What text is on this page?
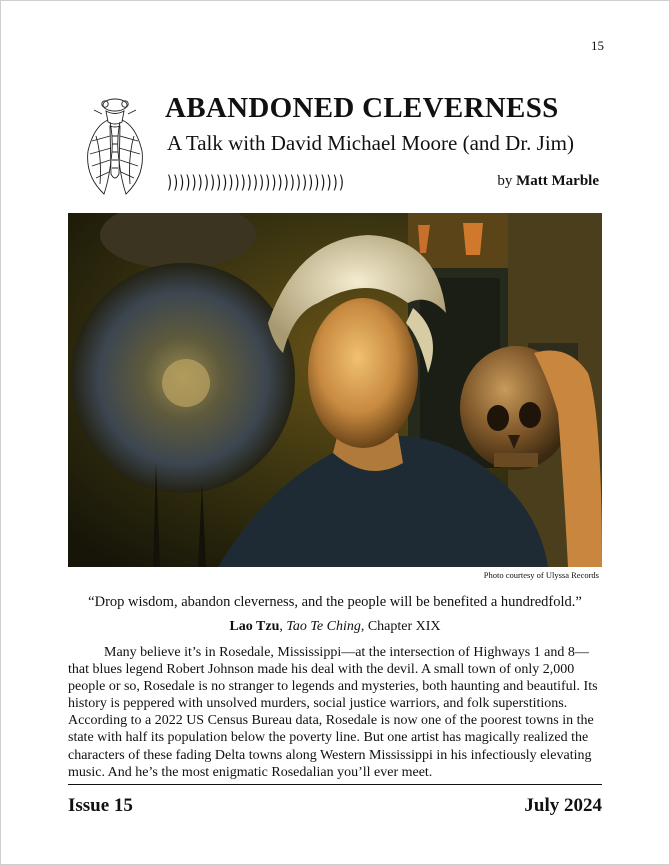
15
ABANDONED CLEVERNESS
A Talk with David Michael Moore (and Dr. Jim)
)))))))))))))))))))))))))))))	by Matt Marble
Photo courtesy of Ulyssa Records
“Drop wisdom, abandon cleverness, and the people will be benefited a hundredfold.”
Lao Tzu, Tao Te Ching, Chapter XIX

Many believe it’s in Rosedale, Mississippi—at the intersection of Highways 1 and 8—that blues legend Robert Johnson made his deal with the devil. A small town of only 2,000 people or so, Rosedale is no stranger to legends and mysteries, both haunting and beautiful. Its history is peppered with unsolved murders, social justice warriors, and folk superstitions. According to a 2022 US Census Bureau data, Rosedale is now one of the poorest towns in the state with half its population below the poverty line. But one artist has magically realized the characters of these fading Delta towns along Western Mississippi in his infectiously elevating music. And he’s the most enigmatic Rosedalian you’ll ever meet.

Issue 15	July 2024
